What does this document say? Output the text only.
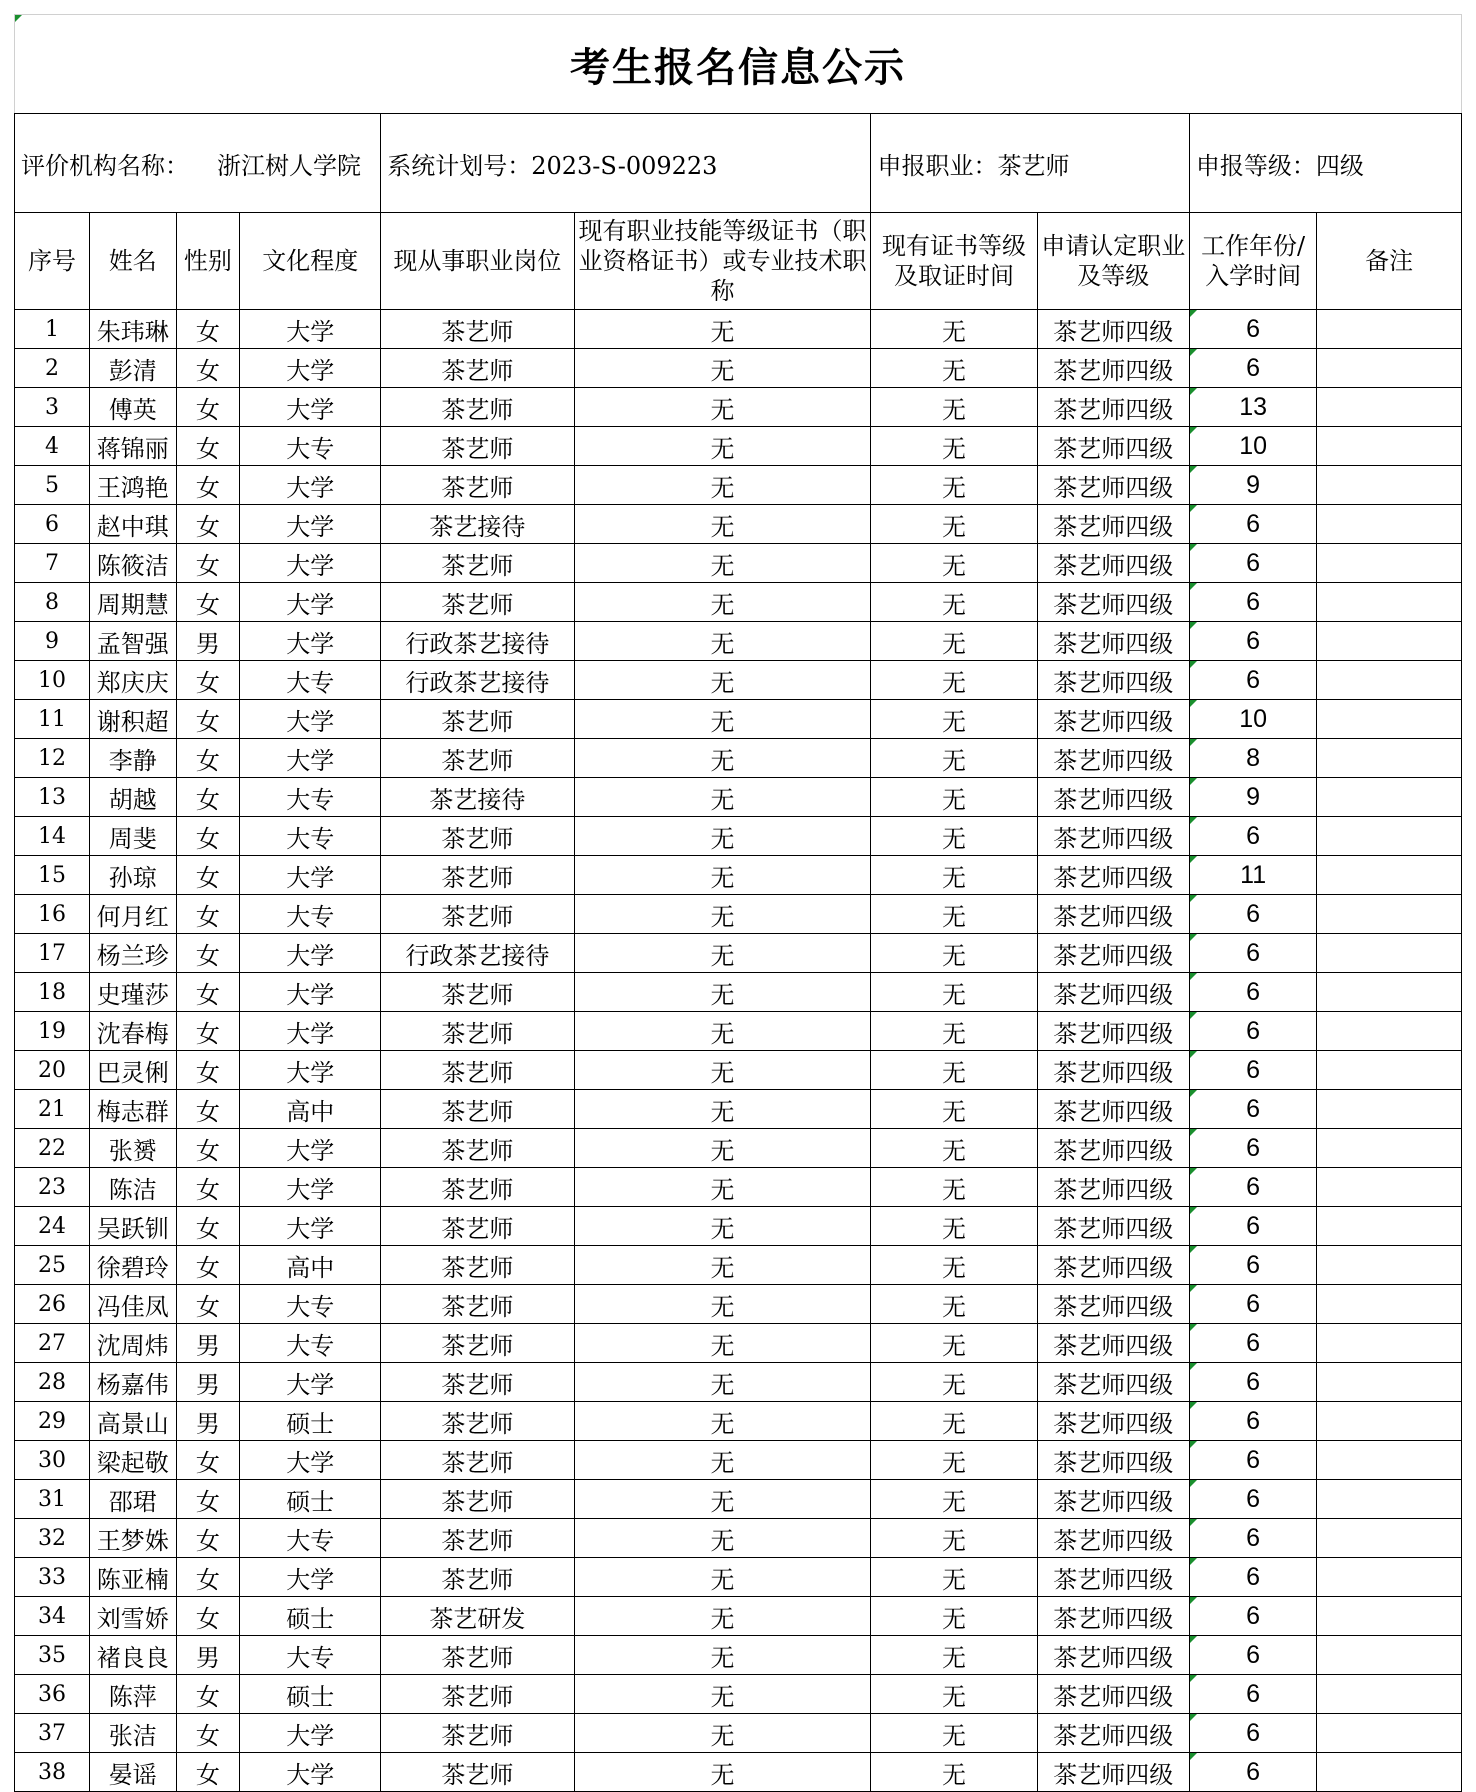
考生报名信息公示									
评价机构名称： 浙江树人学院				系统计划号：2023-S-009223		申报职业：茶艺师		申报等级：四级	
序号	姓名	性别	文化程度	现从事职业岗位	现有职业技能等级证书（职业资格证书）或专业技术职称	现有证书等级及取证时间	申请认定职业及等级	工作年份/入学时间	备注
1	朱玮琳	女	大学	茶艺师	无	无	茶艺师四级	6	
2	彭清	女	大学	茶艺师	无	无	茶艺师四级	6	
3	傅英	女	大学	茶艺师	无	无	茶艺师四级	13	
4	蒋锦丽	女	大专	茶艺师	无	无	茶艺师四级	10	
5	王鸿艳	女	大学	茶艺师	无	无	茶艺师四级	9	
6	赵中琪	女	大学	茶艺接待	无	无	茶艺师四级	6	
7	陈筱洁	女	大学	茶艺师	无	无	茶艺师四级	6	
8	周期慧	女	大学	茶艺师	无	无	茶艺师四级	6	
9	孟智强	男	大学	行政茶艺接待	无	无	茶艺师四级	6	
10	郑庆庆	女	大专	行政茶艺接待	无	无	茶艺师四级	6	
11	谢积超	女	大学	茶艺师	无	无	茶艺师四级	10	
12	李静	女	大学	茶艺师	无	无	茶艺师四级	8	
13	胡越	女	大专	茶艺接待	无	无	茶艺师四级	9	
14	周斐	女	大专	茶艺师	无	无	茶艺师四级	6	
15	孙琼	女	大学	茶艺师	无	无	茶艺师四级	11	
16	何月红	女	大专	茶艺师	无	无	茶艺师四级	6	
17	杨兰珍	女	大学	行政茶艺接待	无	无	茶艺师四级	6	
18	史瑾莎	女	大学	茶艺师	无	无	茶艺师四级	6	
19	沈春梅	女	大学	茶艺师	无	无	茶艺师四级	6	
20	巴灵俐	女	大学	茶艺师	无	无	茶艺师四级	6	
21	梅志群	女	高中	茶艺师	无	无	茶艺师四级	6	
22	张赟	女	大学	茶艺师	无	无	茶艺师四级	6	
23	陈洁	女	大学	茶艺师	无	无	茶艺师四级	6	
24	吴跃钏	女	大学	茶艺师	无	无	茶艺师四级	6	
25	徐碧玲	女	高中	茶艺师	无	无	茶艺师四级	6	
26	冯佳凤	女	大专	茶艺师	无	无	茶艺师四级	6	
27	沈周炜	男	大专	茶艺师	无	无	茶艺师四级	6	
28	杨嘉伟	男	大学	茶艺师	无	无	茶艺师四级	6	
29	高景山	男	硕士	茶艺师	无	无	茶艺师四级	6	
30	梁起敬	女	大学	茶艺师	无	无	茶艺师四级	6	
31	邵珺	女	硕士	茶艺师	无	无	茶艺师四级	6	
32	王梦姝	女	大专	茶艺师	无	无	茶艺师四级	6	
33	陈亚楠	女	大学	茶艺师	无	无	茶艺师四级	6	
34	刘雪娇	女	硕士	茶艺研发	无	无	茶艺师四级	6	
35	褚良良	男	大专	茶艺师	无	无	茶艺师四级	6	
36	陈萍	女	硕士	茶艺师	无	无	茶艺师四级	6	
37	张洁	女	大学	茶艺师	无	无	茶艺师四级	6	
38	晏谣	女	大学	茶艺师	无	无	茶艺师四级	6	
